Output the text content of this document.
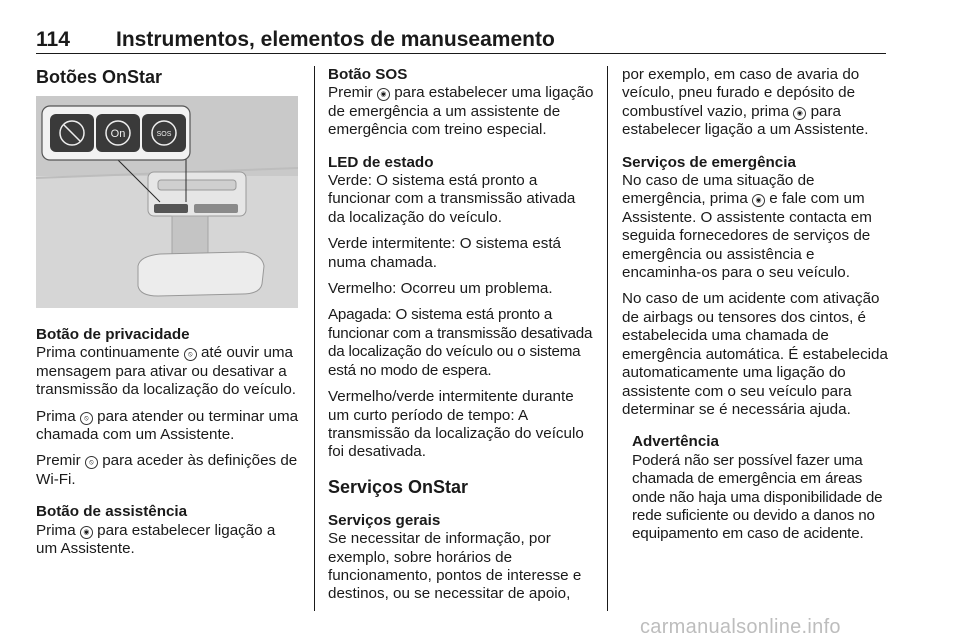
114 Instrumentos, elementos de manuseamento
Botões OnStar
On	SOS

Botão de privacidade

Prima continuamente ⦸ até ouvir uma mensagem para ativar ou desativar a transmissão da localização do veículo.

Prima ⦸ para atender ou terminar uma chamada com um Assistente.

Premir ⦸ para aceder às definições de Wi-Fi.

Botão de assistência

Prima ◉ para estabelecer ligação a um Assistente.

Botão SOS

Premir ◉ para estabelecer uma ligação de emergência a um assistente de emergência com treino especial.

LED de estado

Verde: O sistema está pronto a funcionar com a transmissão ativada da localização do veículo.

Verde intermitente: O sistema está numa chamada.

Vermelho: Ocorreu um problema.

Apagada: O sistema está pronto a funcionar com a transmissão desativada da localização do veículo ou o sistema está no modo de espera.

Vermelho/verde intermitente durante um curto período de tempo: A transmissão da localização do veículo foi desativada.

Serviços OnStar

Serviços gerais

Se necessitar de informação, por exemplo, sobre horários de funcionamento, pontos de interesse e destinos, ou se necessitar de apoio,

por exemplo, em caso de avaria do veículo, pneu furado e depósito de combustível vazio, prima ◉ para estabelecer ligação a um Assistente.

Serviços de emergência

No caso de uma situação de emergência, prima ◉ e fale com um Assistente. O assistente contacta em seguida fornecedores de serviços de emergência ou assistência e encaminha-os para o seu veículo.

No caso de um acidente com ativação de airbags ou tensores dos cintos, é estabelecida uma chamada de emergência automática. É estabelecida automaticamente uma ligação do assistente com o seu veículo para determinar se é necessária ajuda.

Advertência

Poderá não ser possível fazer uma chamada de emergência em áreas onde não haja uma disponibilidade de rede suficiente ou devido a danos no equipamento em caso de acidente.

carmanualsonline.info
